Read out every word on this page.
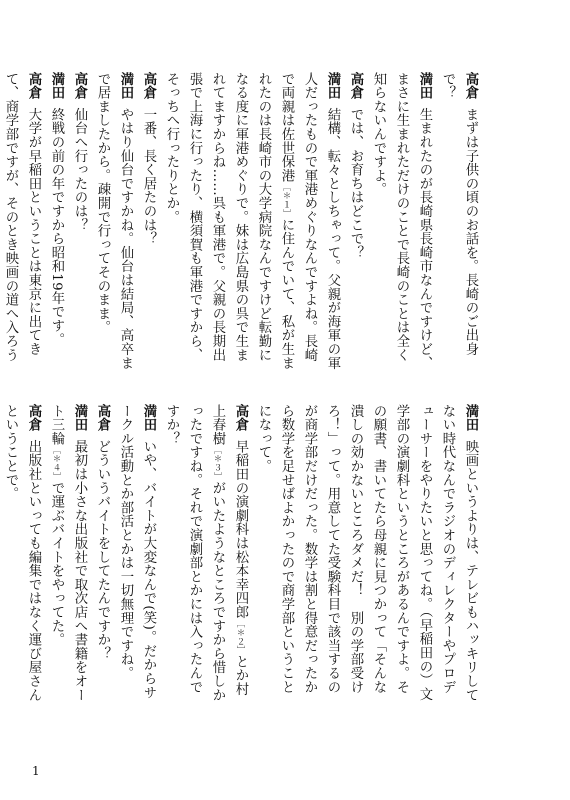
高倉まずは子供の頃のお話を。長崎のご出身で？

満田生まれたのが長崎県長崎市なんですけど、まさに生まれただけのことで長崎のことは全く知らないんですよ。

高倉では、お育ちはどこで？

満田結構、転々としちゃって。父親が海軍の軍人だったもので軍港めぐりなんですよね。長崎で両親は佐世保港［＊１］に住んでいて、私が生まれたのは長崎市の大学病院なんですけど転勤になる度に軍港めぐりで。妹は広島県の呉で生まれてますからね……呉も軍港で。父親の長期出張で上海に行ったり、横須賀も軍港ですから、そっちへ行ったりとか。

高倉一番、長く居たのは？

満田やはり仙台ですかね。仙台は結局、高卒まで居ましたから。疎開で行ってそのまま。

高倉仙台へ行ったのは？

満田終戦の前の年ですから昭和19年です。

高倉大学が早稲田ということは東京に出てきて、商学部ですが、そのとき映画の道へ入ろう

満田映画というよりは、テレビもハッキリしてない時代なんでラジオのディレクターやプロデューサーをやりたいと思ってね。（早稲田の）文学部の演劇科というところがあるんですよ。その願書、書いてたら母親に見つかって「そんな潰しの効かないところダメだ！　別の学部受けろ！」って。用意してた受験科目で該当するのが商学部だけだった。数学は割と得意だったから数学を足せばよかったので商学部ということになって。

高倉早稲田の演劇科は松本幸四郎［＊２］とか村上春樹［＊３］がいたようなところですから惜しかったですね。それで演劇部とかには入ったんですか？

満田いや、バイトが大変なんで(笑)。だからサークル活動とか部活とかは一切無理ですね。

高倉どういうバイトをしてたんですか？

満田最初は小さな出版社で取次店へ書籍をオート三輪［＊４］で運ぶバイトをやってた。

高倉出版社といっても編集ではなく運び屋さんということで。

1
